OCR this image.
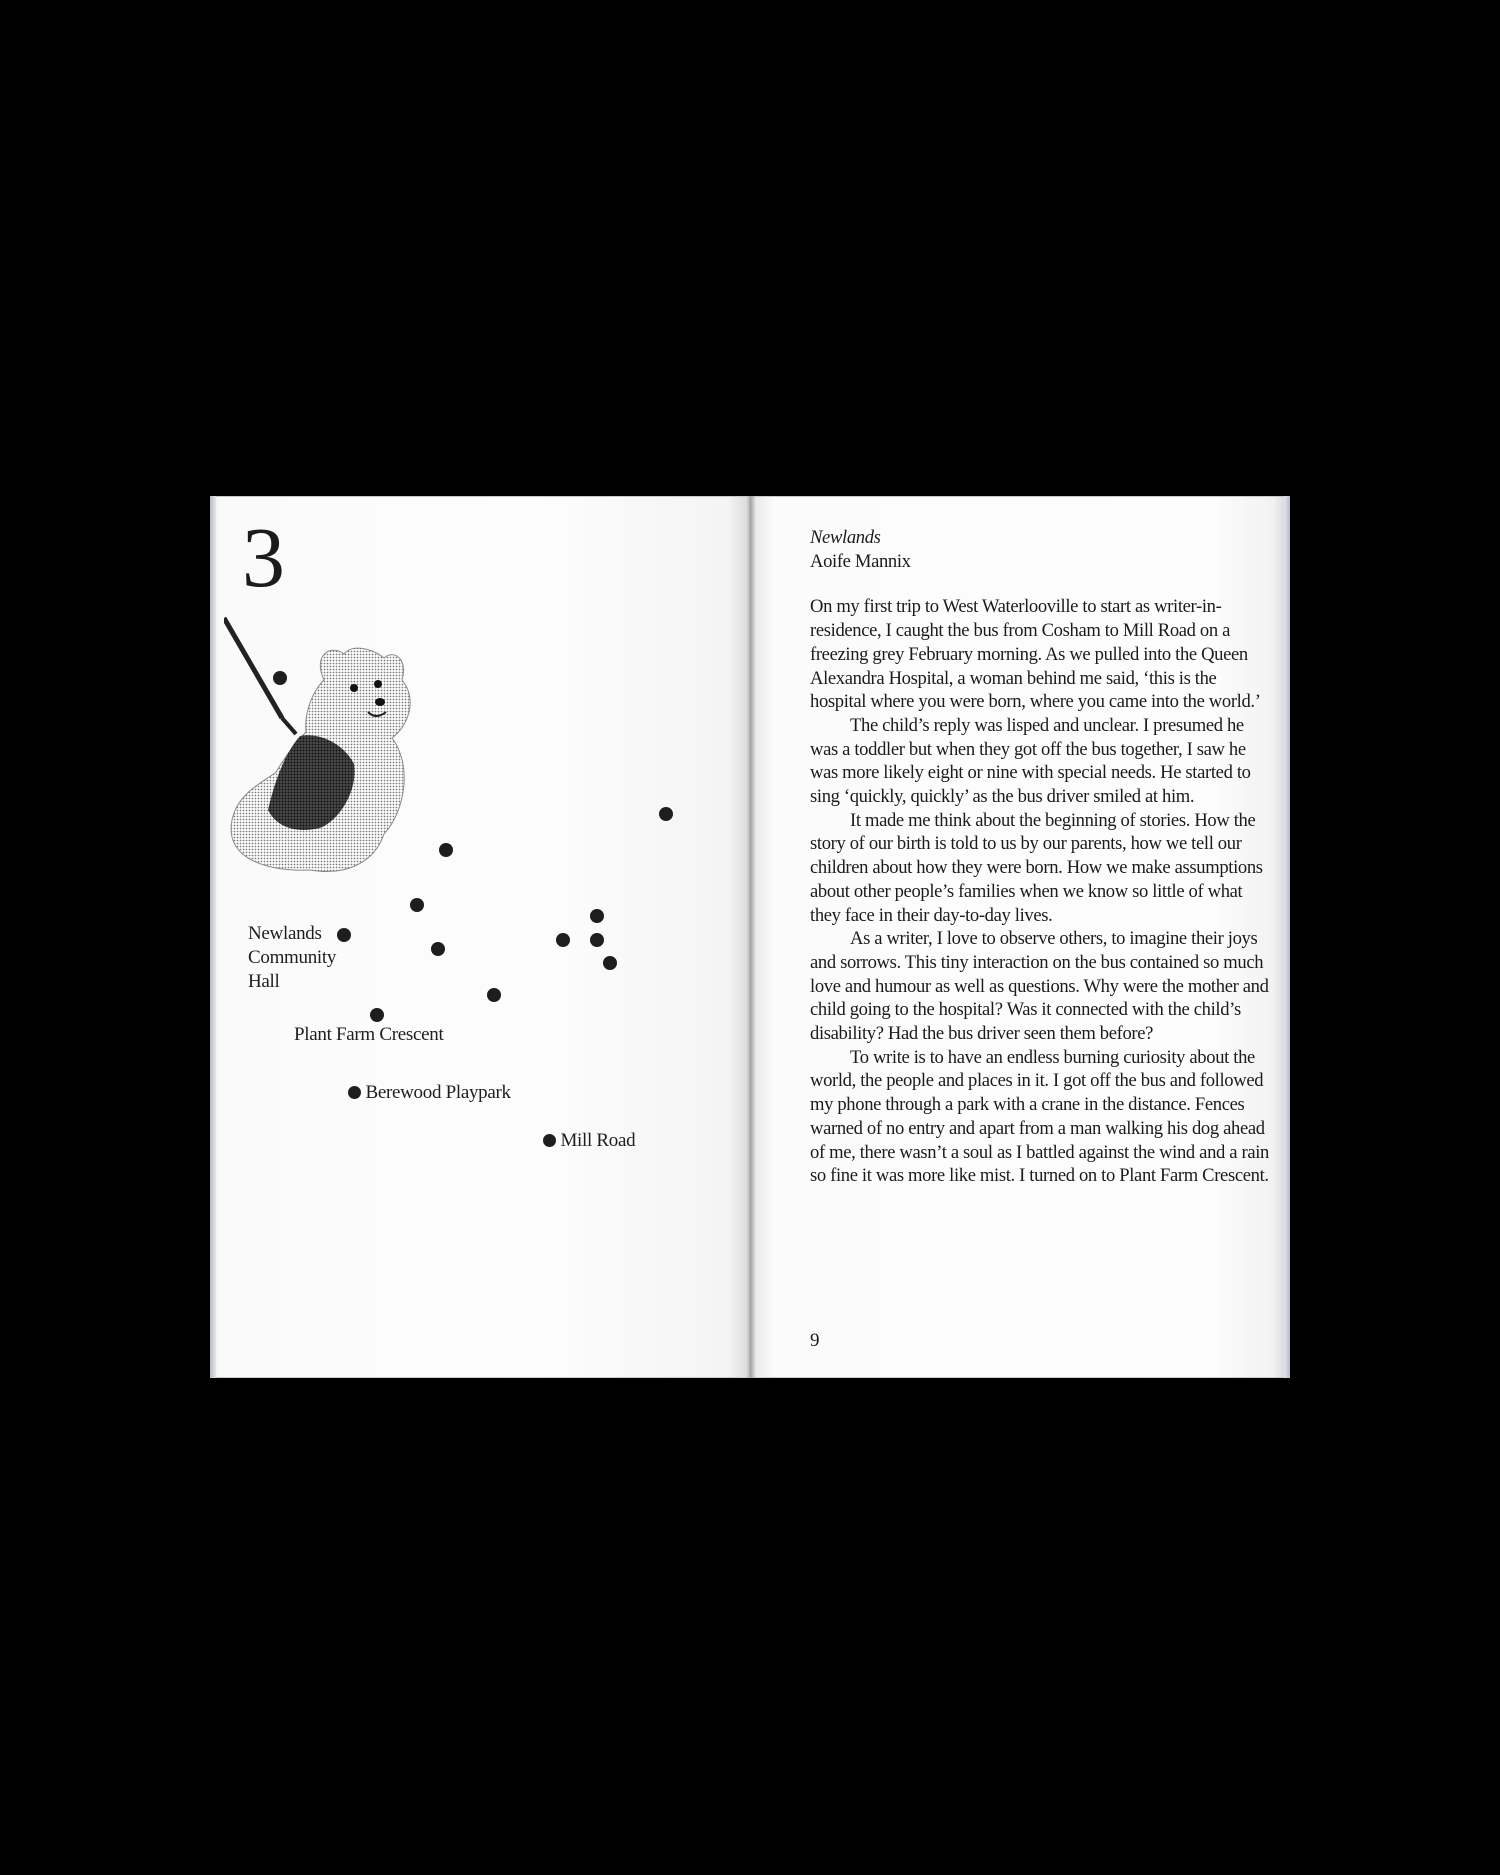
3
Newlands Community Hall
Plant Farm Crescent
Berewood Playpark
Mill Road
Newlands
Aoife Mannix

On my first trip to West Waterlooville to start as writer-in-residence, I caught the bus from Cosham to Mill Road on a freezing grey February morning. As we pulled into the Queen Alexandra Hospital, a woman behind me said, ‘this is the hospital where you were born, where you came into the world.’

The child’s reply was lisped and unclear. I presumed he was a toddler but when they got off the bus together, I saw he was more likely eight or nine with special needs. He started to sing ‘quickly, quickly’ as the bus driver smiled at him.

It made me think about the beginning of stories. How the story of our birth is told to us by our parents, how we tell our children about how they were born. How we make assumptions about other people’s families when we know so little of what they face in their day-to-day lives.

As a writer, I love to observe others, to imagine their joys and sorrows. This tiny interaction on the bus contained so much love and humour as well as questions. Why were the mother and child going to the hospital? Was it connected with the child’s disability? Had the bus driver seen them before?

To write is to have an endless burning curiosity about the world, the people and places in it. I got off the bus and followed my phone through a park with a crane in the distance. Fences warned of no entry and apart from a man walking his dog ahead of me, there wasn’t a soul as I battled against the wind and a rain so fine it was more like mist. I turned on to Plant Farm Crescent.

9
